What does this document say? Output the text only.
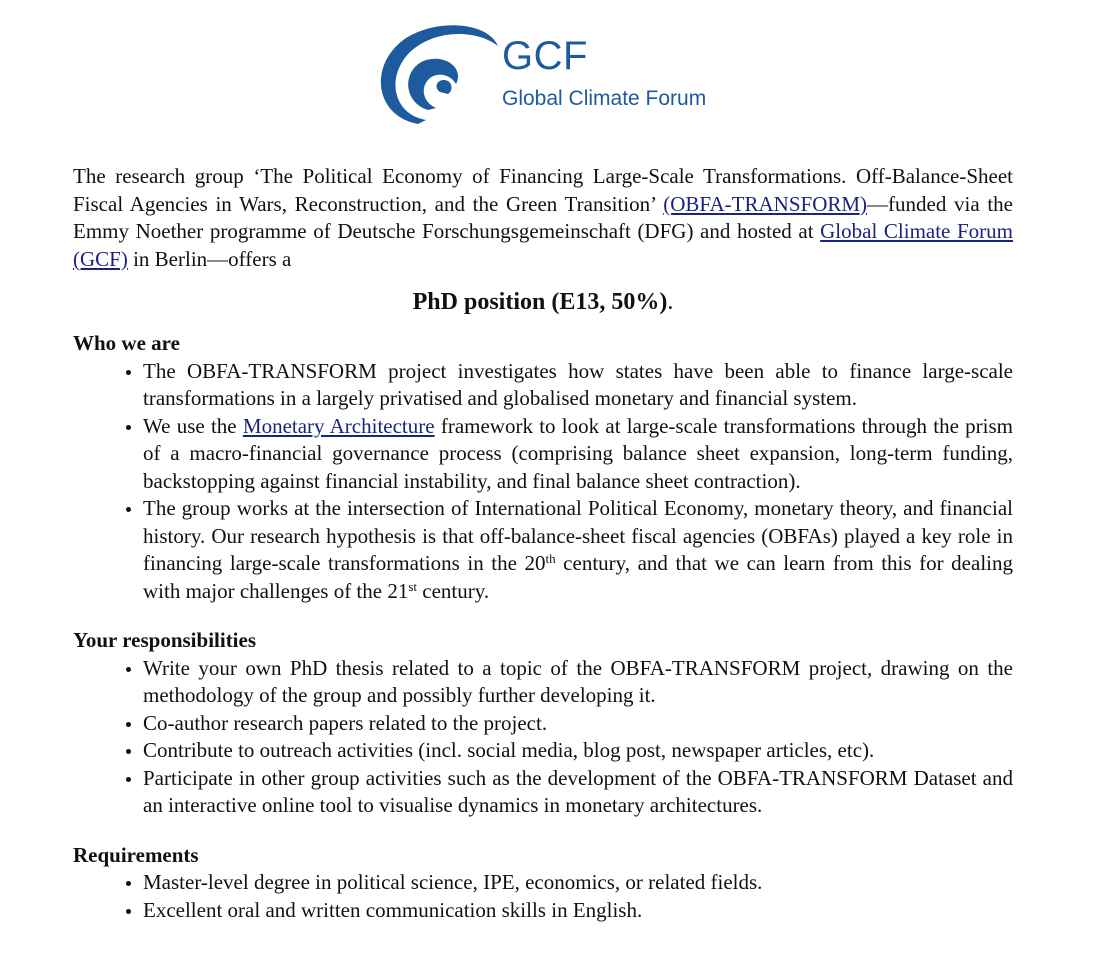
GCF
Global Climate Forum

The research group ‘The Political Economy of Financing Large-Scale Transformations. Off-Balance-Sheet Fiscal Agencies in Wars, Reconstruction, and the Green Transition’ (OBFA-TRANSFORM)—funded via the Emmy Noether programme of Deutsche Forschungsgemeinschaft (DFG) and hosted at Global Climate Forum (GCF) in Berlin—offers a

PhD position (E13, 50%).
Who we are
• The OBFA-TRANSFORM project investigates how states have been able to finance large-scale transformations in a largely privatised and globalised monetary and financial system.
• We use the Monetary Architecture framework to look at large-scale transformations through the prism of a macro-financial governance process (comprising balance sheet expansion, long-term funding, backstopping against financial instability, and final balance sheet contraction).
• The group works at the intersection of International Political Economy, monetary theory, and financial history. Our research hypothesis is that off-balance-sheet fiscal agencies (OBFAs) played a key role in financing large-scale transformations in the 20th century, and that we can learn from this for dealing with major challenges of the 21st century.
Your responsibilities
• Write your own PhD thesis related to a topic of the OBFA-TRANSFORM project, drawing on the methodology of the group and possibly further developing it.
• Co-author research papers related to the project.
• Contribute to outreach activities (incl. social media, blog post, newspaper articles, etc).
• Participate in other group activities such as the development of the OBFA-TRANSFORM Dataset and an interactive online tool to visualise dynamics in monetary architectures.
Requirements
• Master-level degree in political science, IPE, economics, or related fields.
• Excellent oral and written communication skills in English.
